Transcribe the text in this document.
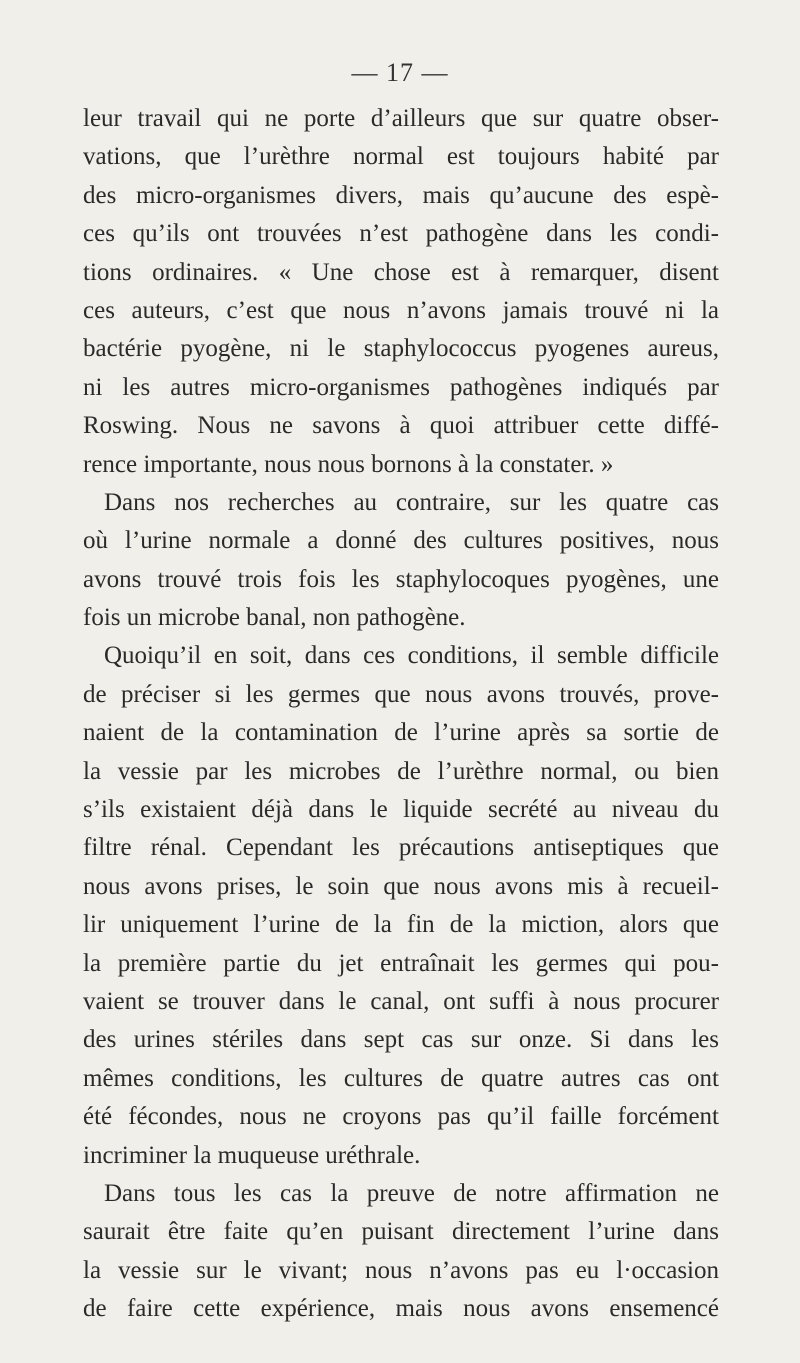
— 17 —
leur travail qui ne porte d’ailleurs que sur quatre obser-
vations, que l’urèthre normal est toujours habité par
des micro-organismes divers, mais qu’aucune des espè-
ces qu’ils ont trouvées n’est pathogène dans les condi-
tions ordinaires. « Une chose est à remarquer, disent
ces auteurs, c’est que nous n’avons jamais trouvé ni la
bactérie pyogène, ni le staphylococcus pyogenes aureus,
ni les autres micro-organismes pathogènes indiqués par
Roswing. Nous ne savons à quoi attribuer cette diffé-
rence importante, nous nous bornons à la constater. »
Dans nos recherches au contraire, sur les quatre cas
où l’urine normale a donné des cultures positives, nous
avons trouvé trois fois les staphylocoques pyogènes, une
fois un microbe banal, non pathogène.
Quoiqu’il en soit, dans ces conditions, il semble difficile
de préciser si les germes que nous avons trouvés, prove-
naient de la contamination de l’urine après sa sortie de
la vessie par les microbes de l’urèthre normal, ou bien
s’ils existaient déjà dans le liquide secrété au niveau du
filtre rénal. Cependant les précautions antiseptiques que
nous avons prises, le soin que nous avons mis à recueil-
lir uniquement l’urine de la fin de la miction, alors que
la première partie du jet entraînait les germes qui pou-
vaient se trouver dans le canal, ont suffi à nous procurer
des urines stériles dans sept cas sur onze. Si dans les
mêmes conditions, les cultures de quatre autres cas ont
été fécondes, nous ne croyons pas qu’il faille forcément
incriminer la muqueuse uréthrale.
Dans tous les cas la preuve de notre affirmation ne
saurait être faite qu’en puisant directement l’urine dans
la vessie sur le vivant; nous n’avons pas eu l·occasion
de faire cette expérience, mais nous avons ensemencé
